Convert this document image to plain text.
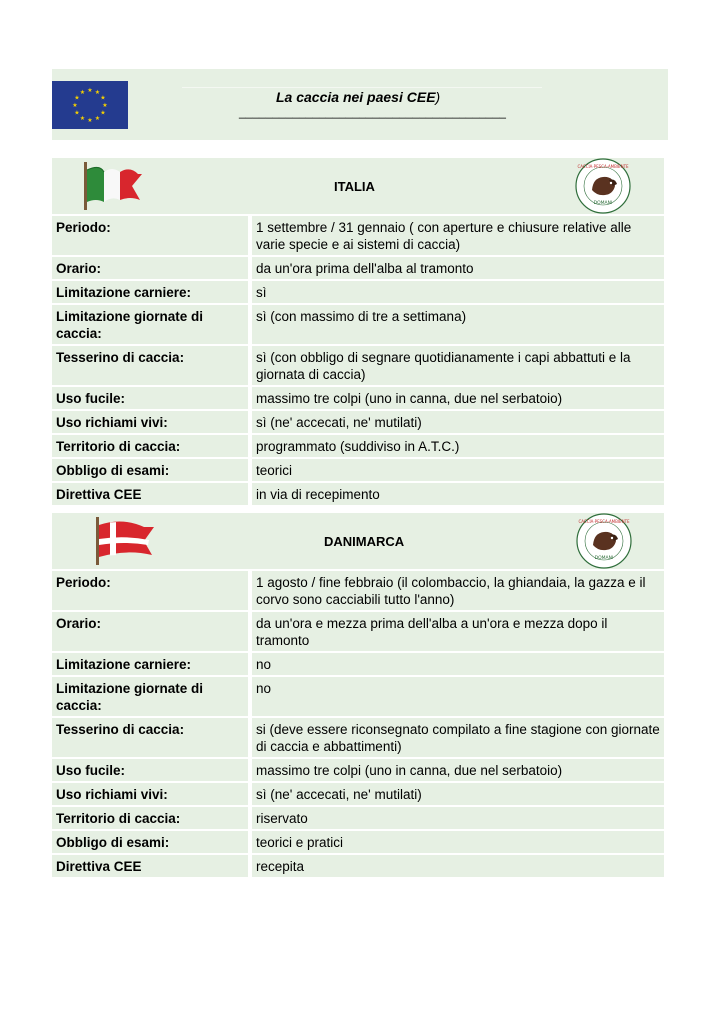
★ ★
★
★
★
★
★
★
★
★
★
★	La caccia nei paesi CEE)
________________________________________
ITALIA
DOMANI
CACCIA·PESCA·AMBIENTE
Periodo:	1 settembre / 31 gennaio ( con aperture e chiusure relative alle varie specie e ai sistemi di caccia)
Orario:	da un'ora prima dell'alba al tramonto
Limitazione carniere:	sì
Limitazione giornate di caccia:	sì (con massimo di tre a settimana)
Tesserino di caccia:	sì (con obbligo di segnare quotidianamente i capi abbattuti e la giornata di caccia)
Uso fucile:	massimo tre colpi (uno in canna, due nel serbatoio)
Uso richiami vivi:	sì (ne' accecati, ne' mutilati)
Territorio di caccia:	programmato (suddiviso in A.T.C.)
Obbligo di esami:	teorici
Direttiva CEE	in via di recepimento
DANIMARCA
DOMANI
CACCIA·PESCA·AMBIENTE
Periodo:	1 agosto / fine febbraio (il colombaccio, la ghiandaia, la gazza e il corvo sono cacciabili tutto l'anno)
Orario:	da un'ora e mezza prima dell'alba a un'ora e mezza dopo il tramonto
Limitazione carniere:	no
Limitazione giornate di caccia:	no
Tesserino di caccia:	si (deve essere riconsegnato compilato a fine stagione con giornate di caccia e abbattimenti)
Uso fucile:	massimo tre colpi (uno in canna, due nel serbatoio)
Uso richiami vivi:	sì (ne' accecati, ne' mutilati)
Territorio di caccia:	riservato
Obbligo di esami:	teorici e pratici
Direttiva CEE	recepita
